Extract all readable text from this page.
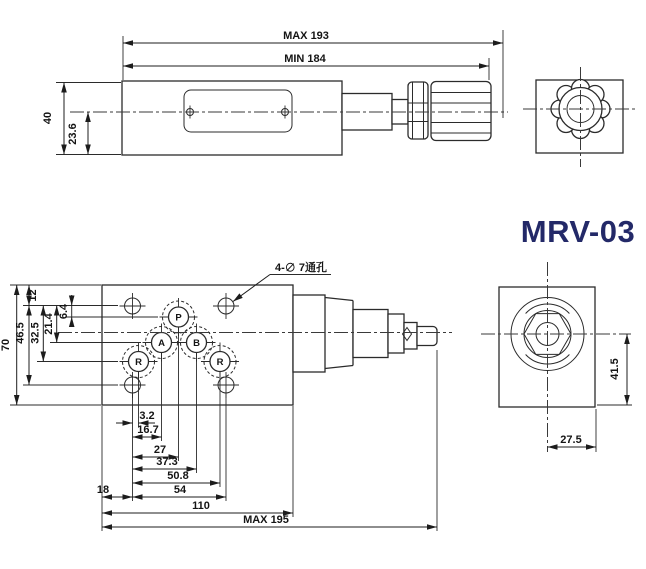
MAX 193
MIN 184
40
23.6
MRV-03
P
A	B
R	R
4-∅ 7通孔
70
12
46.5 32.5 21.4
6.4
3.2
16.7
27
37.3
50.8
18	54
110
MAX 195
41.5
27.5
